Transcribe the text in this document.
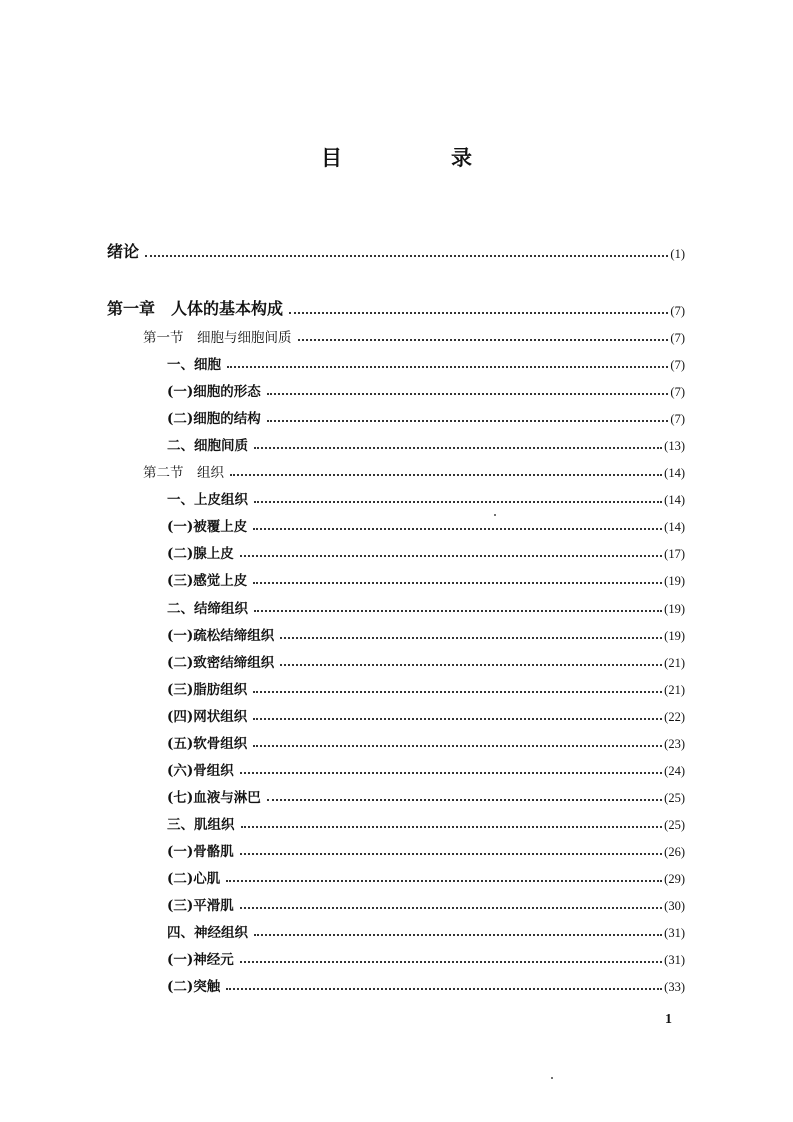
目　录
绪论	(1)
第一章　人体的基本构成	(7)
第一节　细胞与细胞间质	(7)
一、细胞	(7)
(一)细胞的形态	(7)
(二)细胞的结构	(7)
二、细胞间质	(13)
第二节　组织	(14)
一、上皮组织	(14)
(一)被覆上皮	(14)
(二)腺上皮	(17)
(三)感觉上皮	(19)
二、结缔组织	(19)
(一)疏松结缔组织	(19)
(二)致密结缔组织	(21)
(三)脂肪组织	(21)
(四)网状组织	(22)
(五)软骨组织	(23)
(六)骨组织	(24)
(七)血液与淋巴	(25)
三、肌组织	(25)
(一)骨骼肌	(26)
(二)心肌	(29)
(三)平滑肌	(30)
四、神经组织	(31)
(一)神经元	(31)
(二)突触	(33)
1
